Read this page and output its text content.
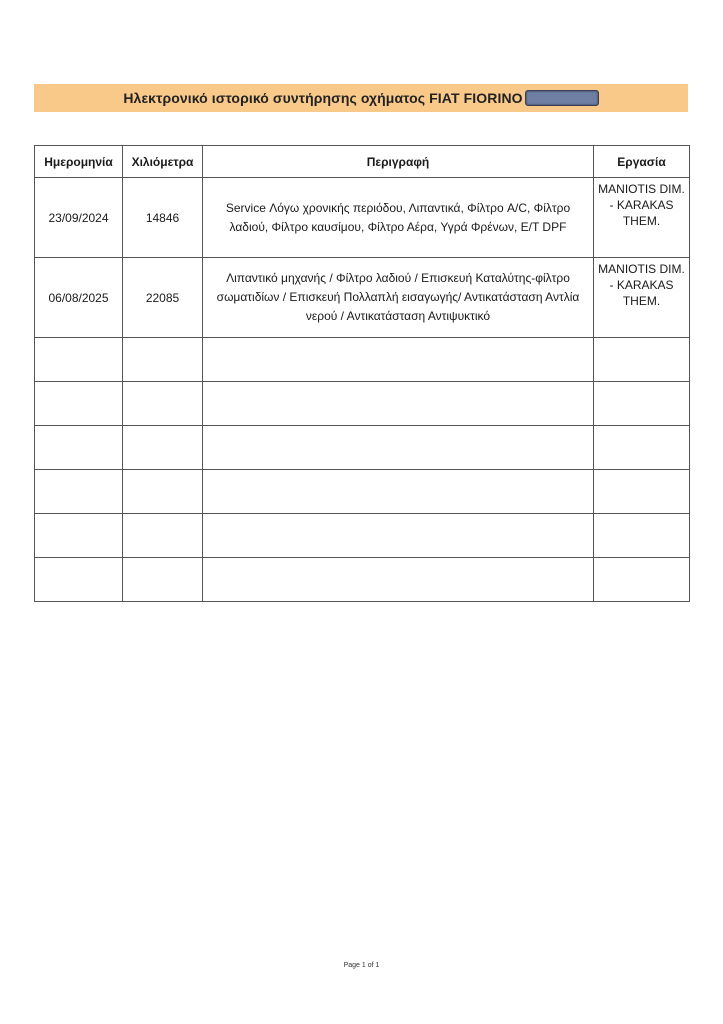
Ηλεκτρονικό ιστορικό συντήρησης οχήματος FIAT FIORINO
Ημερομηνία	Χιλιόμετρα	Περιγραφή	Εργασία
23/09/2024	14846	Service Λόγω χρονικής περιόδου, Λιπαντικά, Φίλτρο A/C, Φίλτρο λαδιού, Φίλτρο καυσίμου, Φίλτρο Αέρα, Υγρά Φρένων, E/T DPF	MANIOTIS DIM. - KARAKAS THEM.
06/08/2025	22085	Λιπαντικό μηχανής / Φίλτρο λαδιού / Επισκευή Καταλύτης-φίλτρο σωματιδίων / Επισκευή Πολλαπλή εισαγωγής/ Αντικατάσταση Αντλία νερού / Αντικατάσταση Αντιψυκτικό	MANIOTIS DIM. - KARAKAS THEM.

Page 1 of 1
